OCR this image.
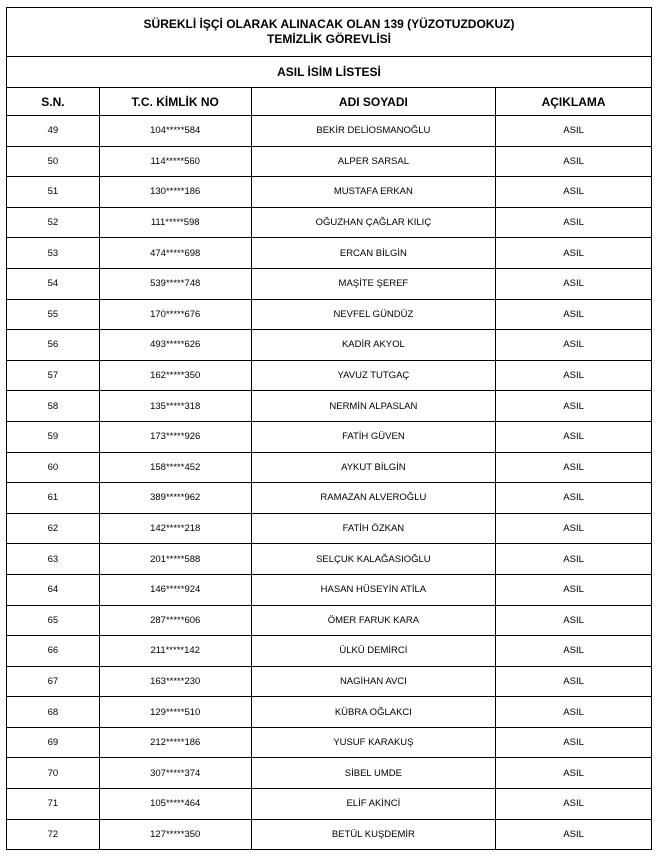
SÜREKLİ İŞÇİ OLARAK ALINACAK OLAN 139 (YÜZOTUZDOKUZ)
TEMİZLİK GÖREVLİSİ			

ASIL İSİM LİSTESİ			
S.N.	T.C. KİMLİK NO	ADI SOYADI	AÇIKLAMA
49	104*****584	BEKİR DELİOSMANOĞLU	ASIL
50	114*****560	ALPER SARSAL	ASIL
51	130*****186	MUSTAFA ERKAN	ASIL
52	111*****598	OĞUZHAN ÇAĞLAR KILIÇ	ASIL
53	474*****698	ERCAN BİLGİN	ASIL
54	539*****748	MAŞİTE ŞEREF	ASIL
55	170*****676	NEVFEL GÜNDÜZ	ASIL
56	493*****626	KADİR AKYOL	ASIL
57	162*****350	YAVUZ TUTGAÇ	ASIL
58	135*****318	NERMİN ALPASLAN	ASIL
59	173*****926	FATİH GÜVEN	ASIL
60	158*****452	AYKUT BİLGİN	ASIL
61	389*****962	RAMAZAN ALVEROĞLU	ASIL
62	142*****218	FATİH ÖZKAN	ASIL
63	201*****588	SELÇUK KALAĞASIOĞLU	ASIL
64	146*****924	HASAN HÜSEYİN ATİLA	ASIL
65	287*****606	ÖMER FARUK KARA	ASIL
66	211*****142	ÜLKÜ DEMİRCİ	ASIL
67	163*****230	NAGİHAN AVCI	ASIL
68	129*****510	KÜBRA OĞLAKCI	ASIL
69	212*****186	YUSUF KARAKUŞ	ASIL
70	307*****374	SİBEL UMDE	ASIL
71	105*****464	ELİF AKİNCİ	ASIL
72	127*****350	BETÜL KUŞDEMİR	ASIL
